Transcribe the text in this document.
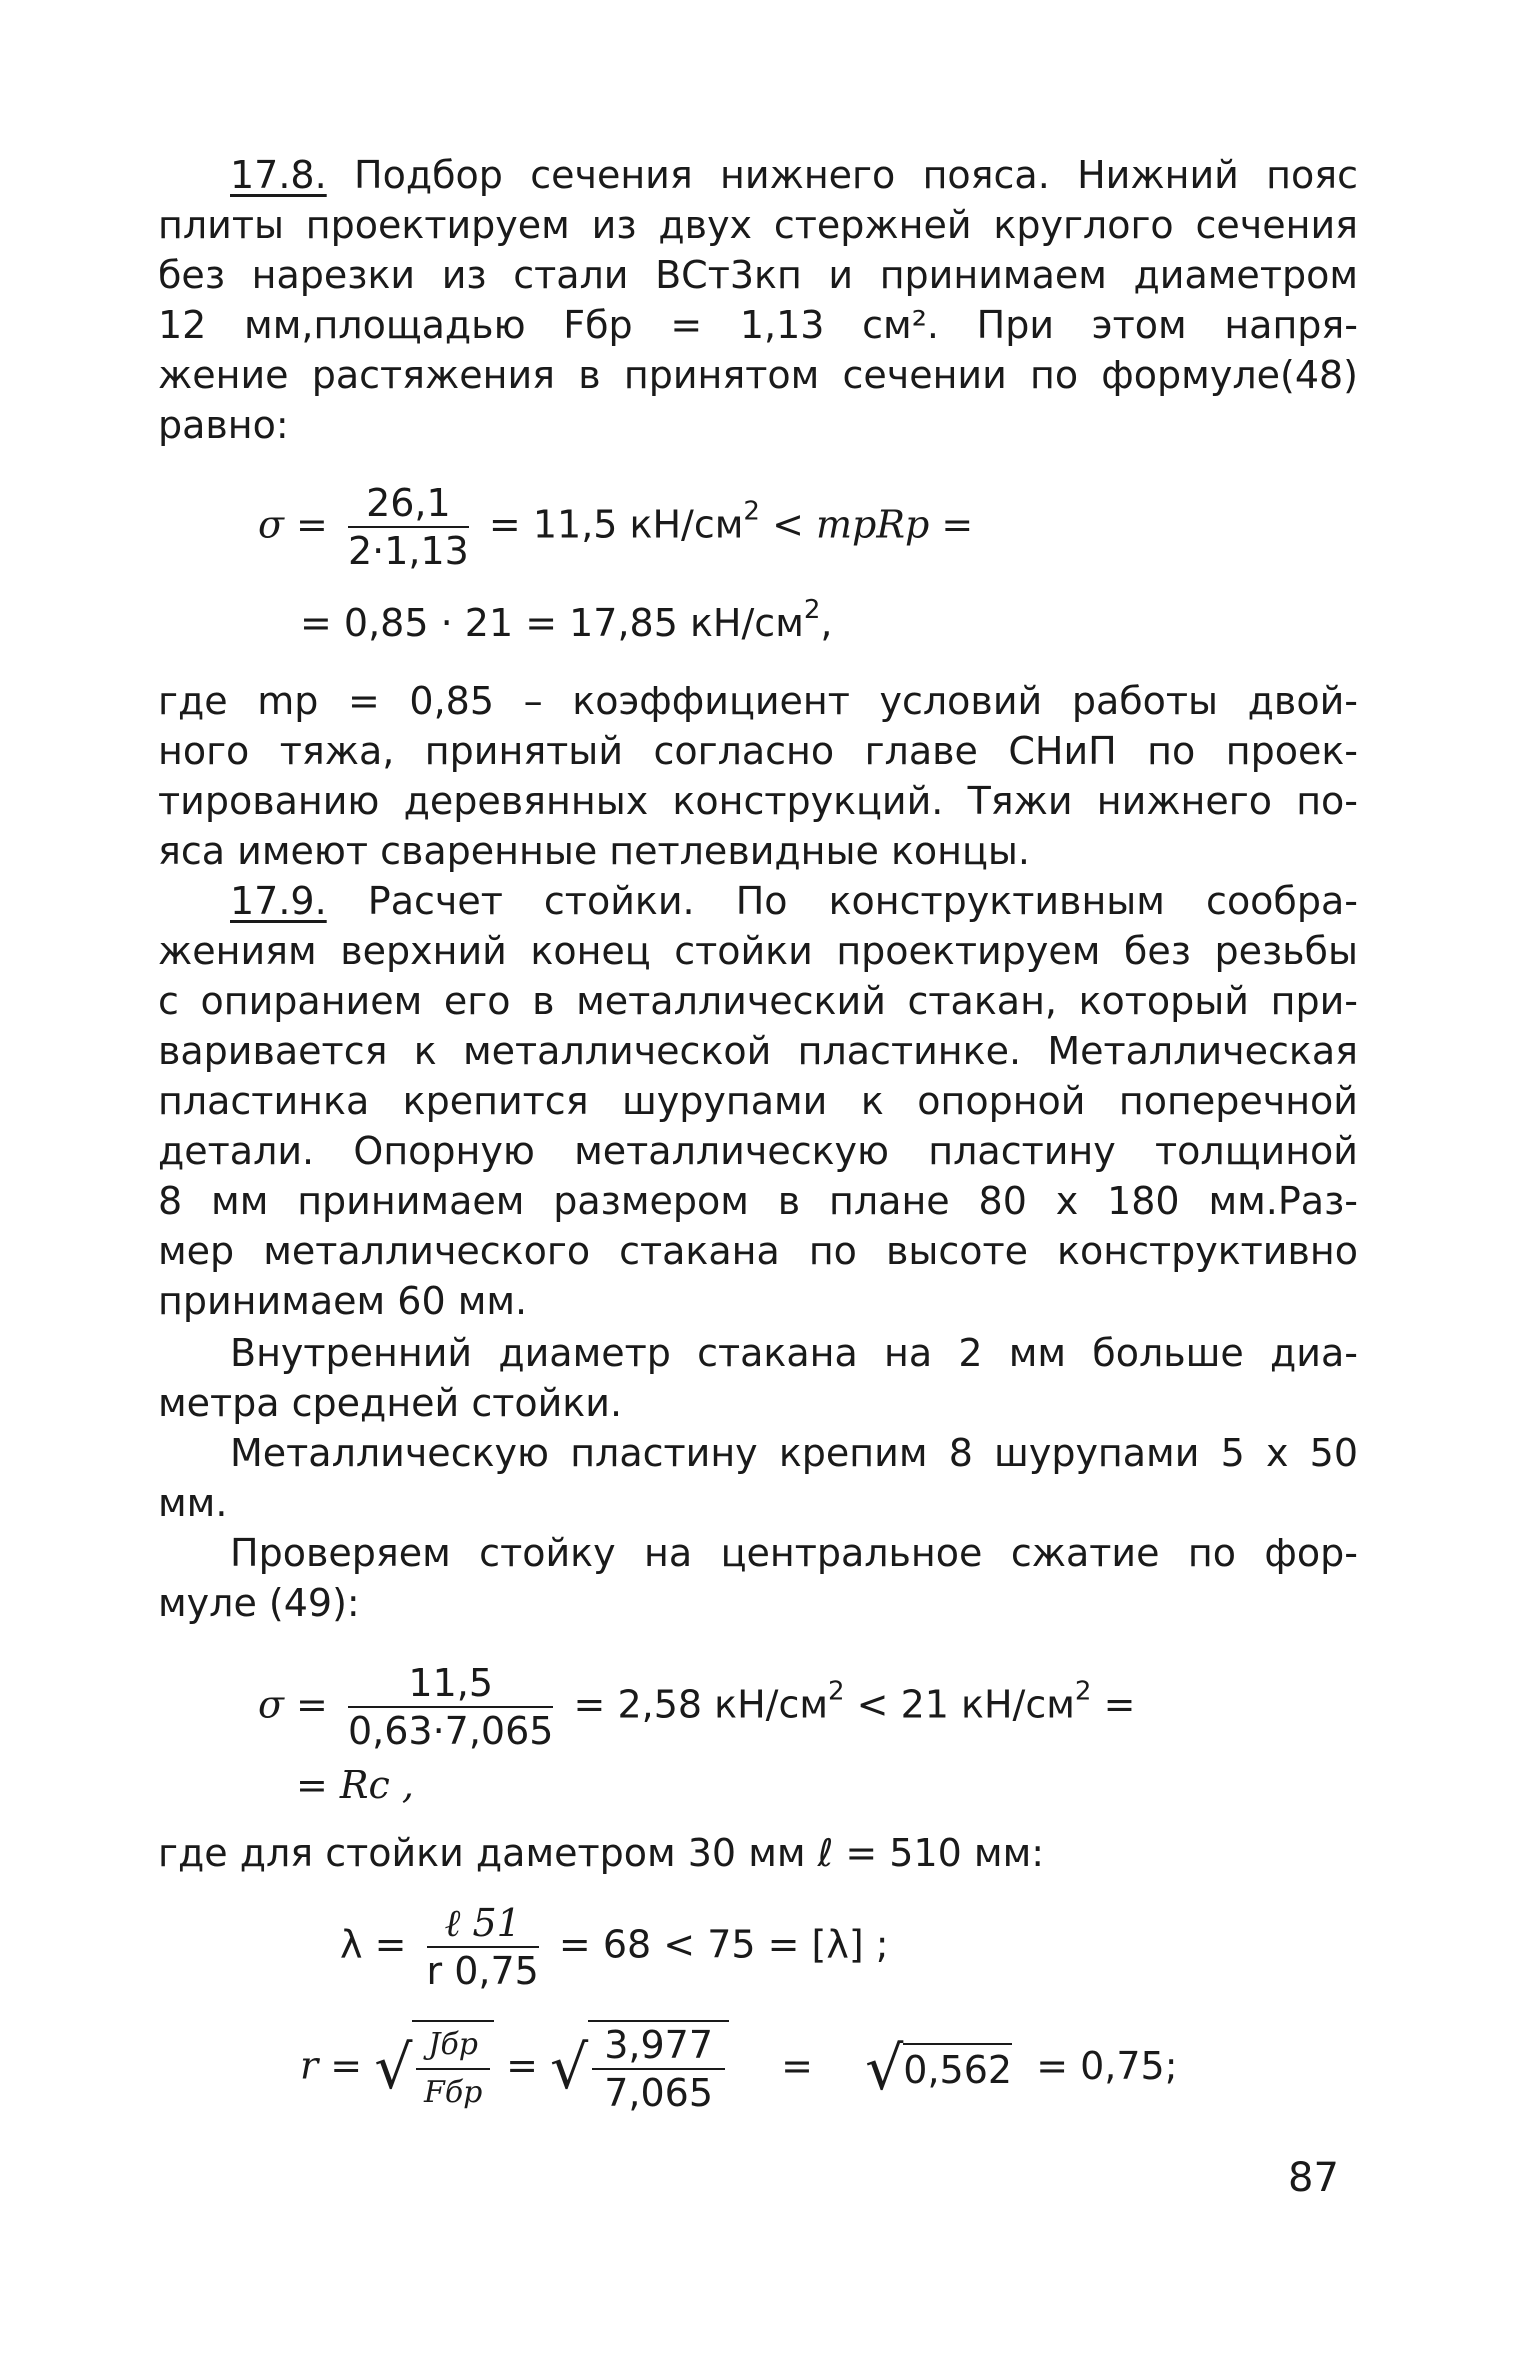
17.8. Подбор сечения нижнего пояса. Нижний пояс
плиты проектируем из двух стержней круглого сечения
без нарезки из стали ВСт3кп и принимаем диаметром
12 мм,площадью Fбр = 1,13 см². При этом напря-
жение растяжения в принятом сечении по формуле(48)
равно:
$\sigma = \frac{26,1}{2\cdot 1,13} = 11,5$ $кН/см^2$ < mрRр =
= 0,85 · 21 = 17,85 $кН/см^2$,
где mр = 0,85 – коэффициент условий работы двой-
ного тяжа, принятый согласно главе СНиП по проек-
тированию деревянных конструкций. Тяжи нижнего по-
яса имеют сваренные петлевидные концы.
17.9. Расчет стойки. По конструктивным сообра-
жениям верхний конец стойки проектируем без резьбы
с опиранием его в металлический стакан, который при-
варивается к металлической пластинке. Металлическая
пластинка крепится шурупами к опорной поперечной
детали. Опорную металлическую пластину толщиной
8 мм принимаем размером в плане 80 х 180 мм.Раз-
мер металлического стакана по высоте конструктивно
принимаем 60 мм.
Внутренний диаметр стакана на 2 мм больше диа-
метра средней стойки.
Металлическую пластину крепим 8 шурупами 5 х 50
мм.
Проверяем стойку на центральное сжатие по фор-
муле (49):
$\sigma = \frac{11,5}{0,63\cdot 7,065} = 2,58$ $кН/см^2 < 21$ $кН/см^2$ =
= Rс ,
где для стойки даметром 30 мм ℓ = 510 мм:
$\lambda = \frac{\text{ℓ 51}}{r 0,75} = 68 < 75 = [\lambda]$ ;
r = √ $\frac{\text{Jбр}}{\text{Fбр}}$ = √ $\frac{3,977}{7,065} = √0,562 = 0,75$;
87
